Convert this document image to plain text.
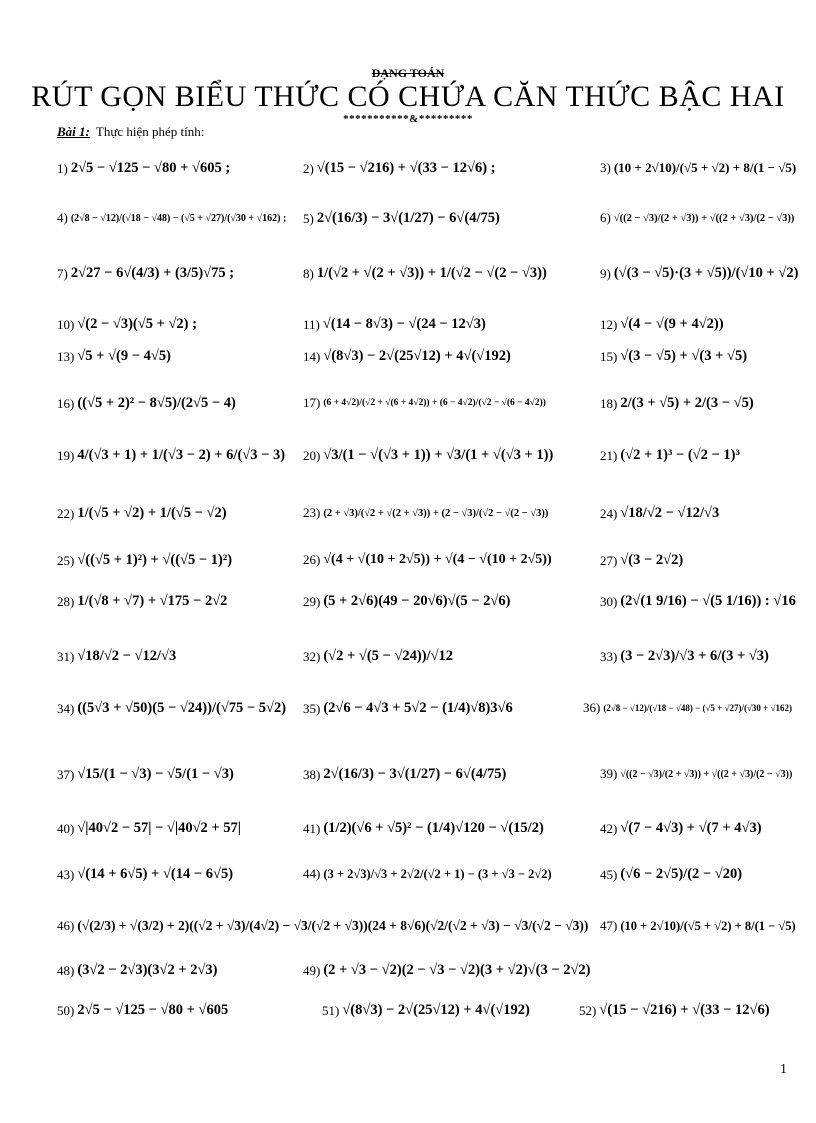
DẠNG TOÁN
RÚT GỌN BIỂU THỨC CÓ CHỨA CĂN THỨC BẬC HAI
***********&*********
Bài 1: Thực hiện phép tính:
1) 2√5 − √125 − √80 + √605 ;	2) √(15 − √216) + √(33 − 12√6) ;	3) (10 + 2√10)/(√5 + √2) + 8/(1 − √5)
4) (2√8 − √12)/(√18 − √48) − (√5 + √27)/(√30 + √162) ; 5) 2√(16/3) − 3√(1/27) − 6√(4/75)	6) √((2 − √3)/(2 + √3)) + √((2 + √3)/(2 − √3))
7) 2√27 − 6√(4/3) + (3/5)√75 ;	8) 1/(√2 + √(2 + √3)) + 1/(√2 − √(2 − √3))	9) (√(3 − √5)·(3 + √5))/(√10 + √2)
10) √(2 − √3)(√5 + √2) ;	11) √(14 − 8√3) − √(24 − 12√3)	12) √(4 − √(9 + 4√2))
13) √5 + √(9 − 4√5)	14) √(8√3) − 2√(25√12) + 4√(√192)	15) √(3 − √5) + √(3 + √5)
16) ((√5 + 2)² − 8√5)/(2√5 − 4)	17) (6 + 4√2)/(√2 + √(6 + 4√2)) + (6 − 4√2)/(√2 − √(6 − 4√2))	18) 2/(3 + √5) + 2/(3 − √5)
19) 4/(√3 + 1) + 1/(√3 − 2) + 6/(√3 − 3) 20) √3/(1 − √(√3 + 1)) + √3/(1 + √(√3 + 1))	21) (√2 + 1)³ − (√2 − 1)³
22) 1/(√5 + √2) + 1/(√5 − √2)	23) (2 + √3)/(√2 + √(2 + √3)) + (2 − √3)/(√2 − √(2 − √3))	24) √18/√2 − √12/√3
25) √((√5 + 1)²) + √((√5 − 1)²)	26) √(4 + √(10 + 2√5)) + √(4 − √(10 + 2√5))	27) √(3 − 2√2)
28) 1/(√8 + √7) + √175 − 2√2	29) (5 + 2√6)(49 − 20√6)√(5 − 2√6)	30) (2√(1 9/16) − √(5 1/16)) : √16
31) √18/√2 − √12/√3	32) (√2 + √(5 − √24))/√12	33) (3 − 2√3)/√3 + 6/(3 + √3)
34) ((5√3 + √50)(5 − √24))/(√75 − 5√2) 35) (2√6 − 4√3 + 5√2 − (1/4)√8)3√6	36) (2√8 − √12)/(√18 − √48) − (√5 + √27)/(√30 + √162)
37) √15/(1 − √3) − √5/(1 − √3)	38) 2√(16/3) − 3√(1/27) − 6√(4/75)	39) √((2 − √3)/(2 + √3)) + √((2 + √3)/(2 − √3))
40) √|40√2 − 57| − √|40√2 + 57|	41) (1/2)(√6 + √5)² − (1/4)√120 − √(15/2)	42) √(7 − 4√3) + √(7 + 4√3)
43) √(14 + 6√5) + √(14 − 6√5)	44) (3 + 2√3)/√3 + 2√2/(√2 + 1) − (3 + √3 − 2√2)	45) (√6 − 2√5)/(2 − √20)
46) (√(2/3) + √(3/2) + 2)((√2 + √3)/(4√2) − √3/(√2 + √3))(24 + 8√6)(√2/(√2 + √3) − √3/(√2 − √3)) 47) (10 + 2√10)/(√5 + √2) + 8/(1 − √5)
48) (3√2 − 2√3)(3√2 + 2√3)	49) (2 + √3 − √2)(2 − √3 − √2)(3 + √2)√(3 − 2√2)
50) 2√5 − √125 − √80 + √605	51) √(8√3) − 2√(25√12) + 4√(√192)	52) √(15 − √216) + √(33 − 12√6)
1
